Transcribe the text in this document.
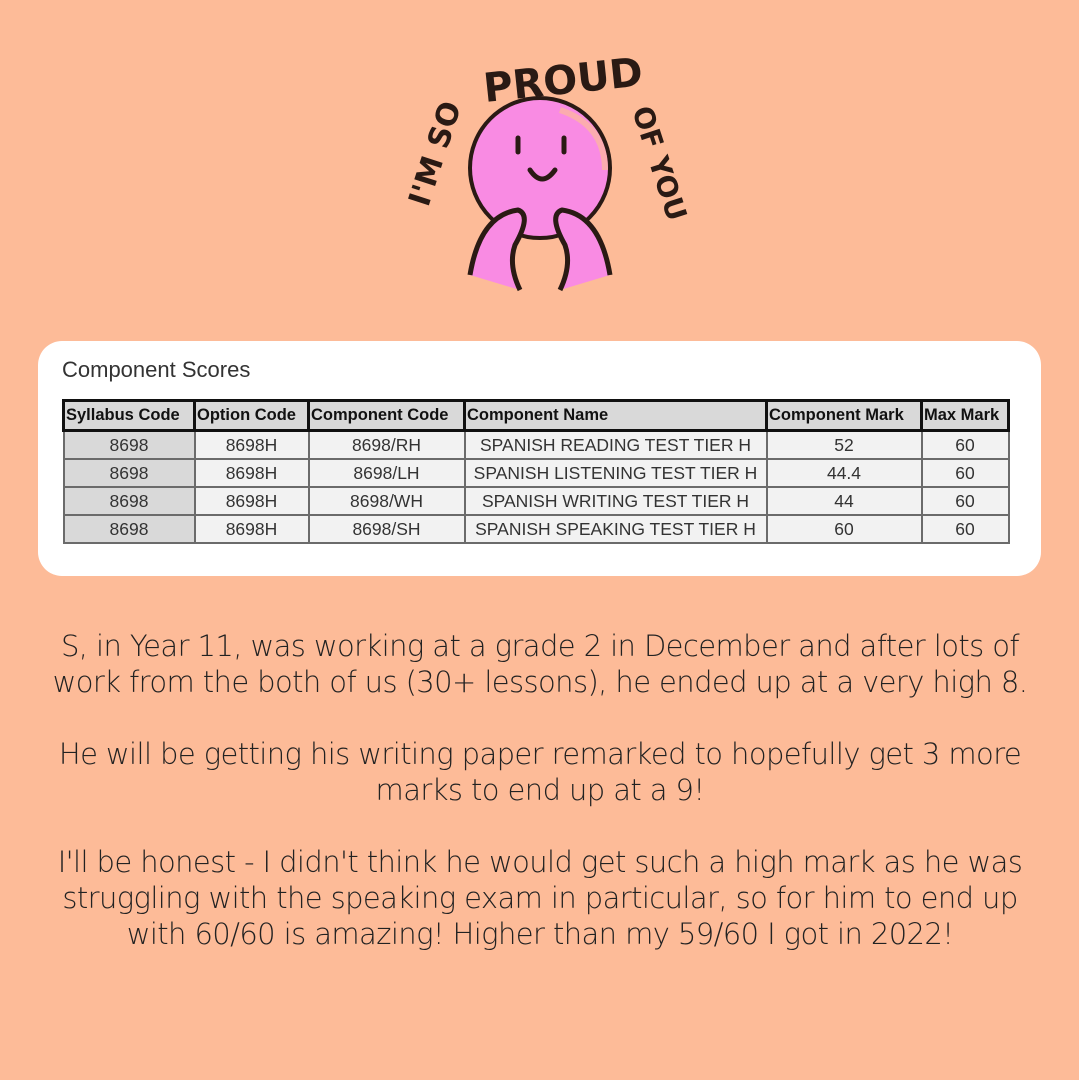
I'M SO
PROUD
OF YOU
Component Scores
Syllabus Code	Option Code	Component Code	Component Name	Component Mark	Max Mark
8698	8698H	8698/RH	SPANISH READING TEST TIER H	52	60
8698	8698H	8698/LH	SPANISH LISTENING TEST TIER H	44.4	60
8698	8698H	8698/WH	SPANISH WRITING TEST TIER H	44	60
8698	8698H	8698/SH	SPANISH SPEAKING TEST TIER H	60	60

S, in Year 11, was working at a grade 2 in December and after lots of work from the both of us (30+ lessons), he ended up at a very high 8.

He will be getting his writing paper remarked to hopefully get 3 more marks to end up at a 9!

I'll be honest - I didn't think he would get such a high mark as he was struggling with the speaking exam in particular, so for him to end up with 60/60 is amazing! Higher than my 59/60 I got in 2022!
